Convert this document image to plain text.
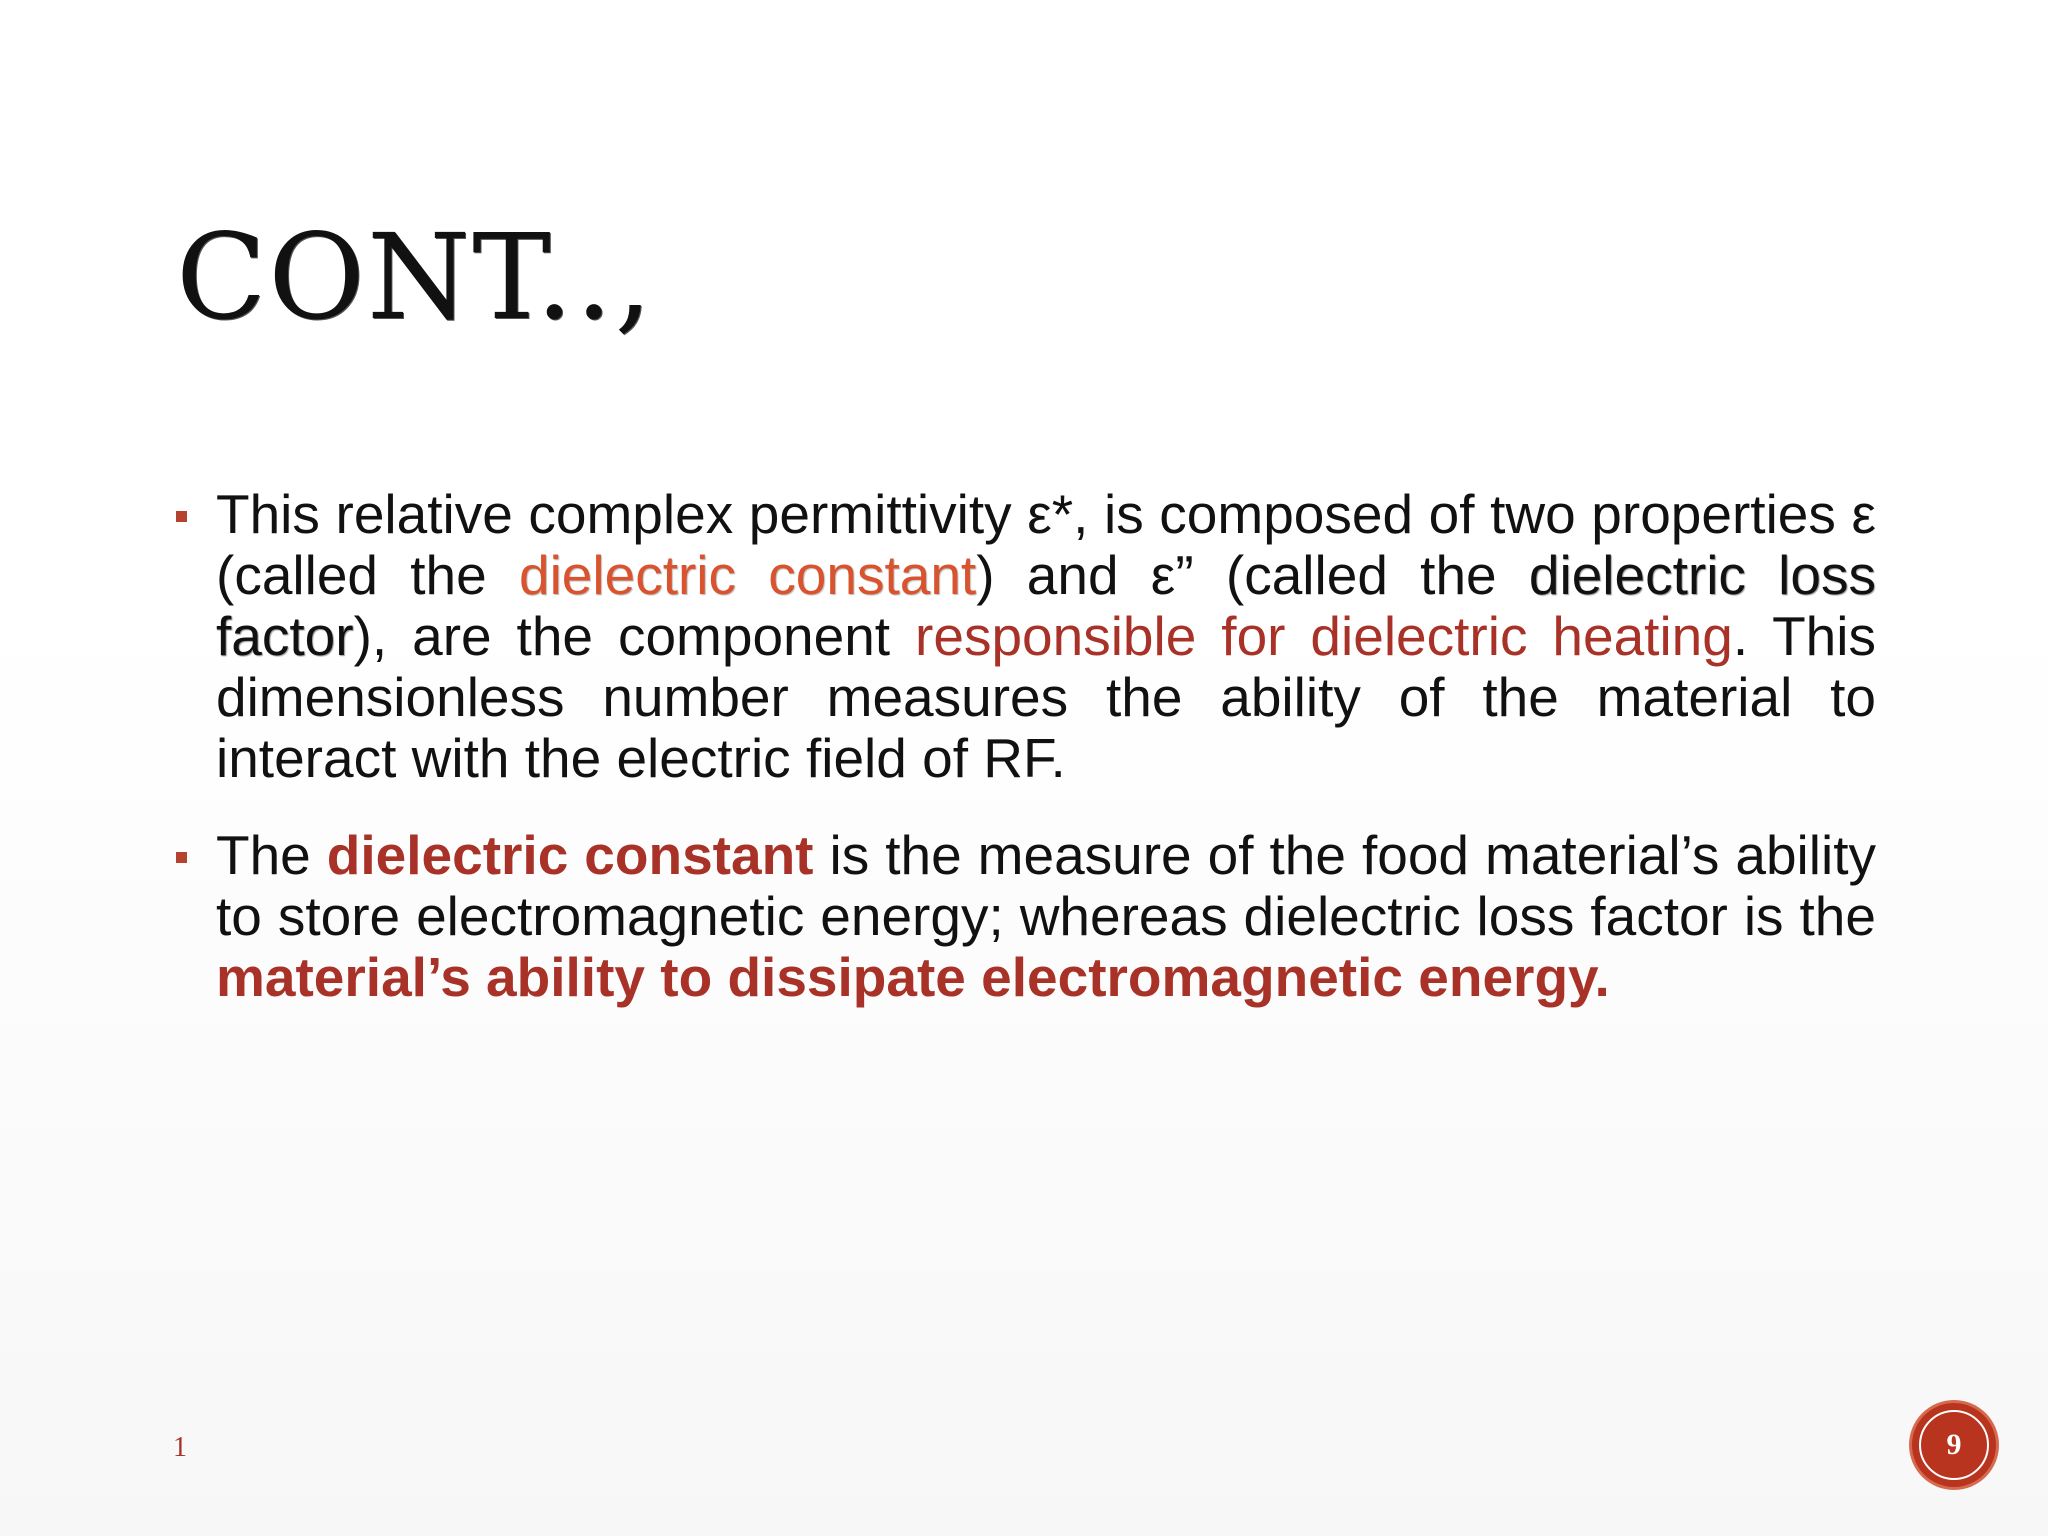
CONT..,
This relative complex permittivity ε*, is composed of two properties ε (called the dielectric constant) and ε” (called the dielectric loss factor), are the component responsible for dielectric heating. This dimensionless number measures the ability of the material to interact with the electric field of RF.
The dielectric constant is the measure of the food material’s ability to store electromagnetic energy; whereas dielectric loss factor is the material’s ability to dissipate electromagnetic energy.
1	9
